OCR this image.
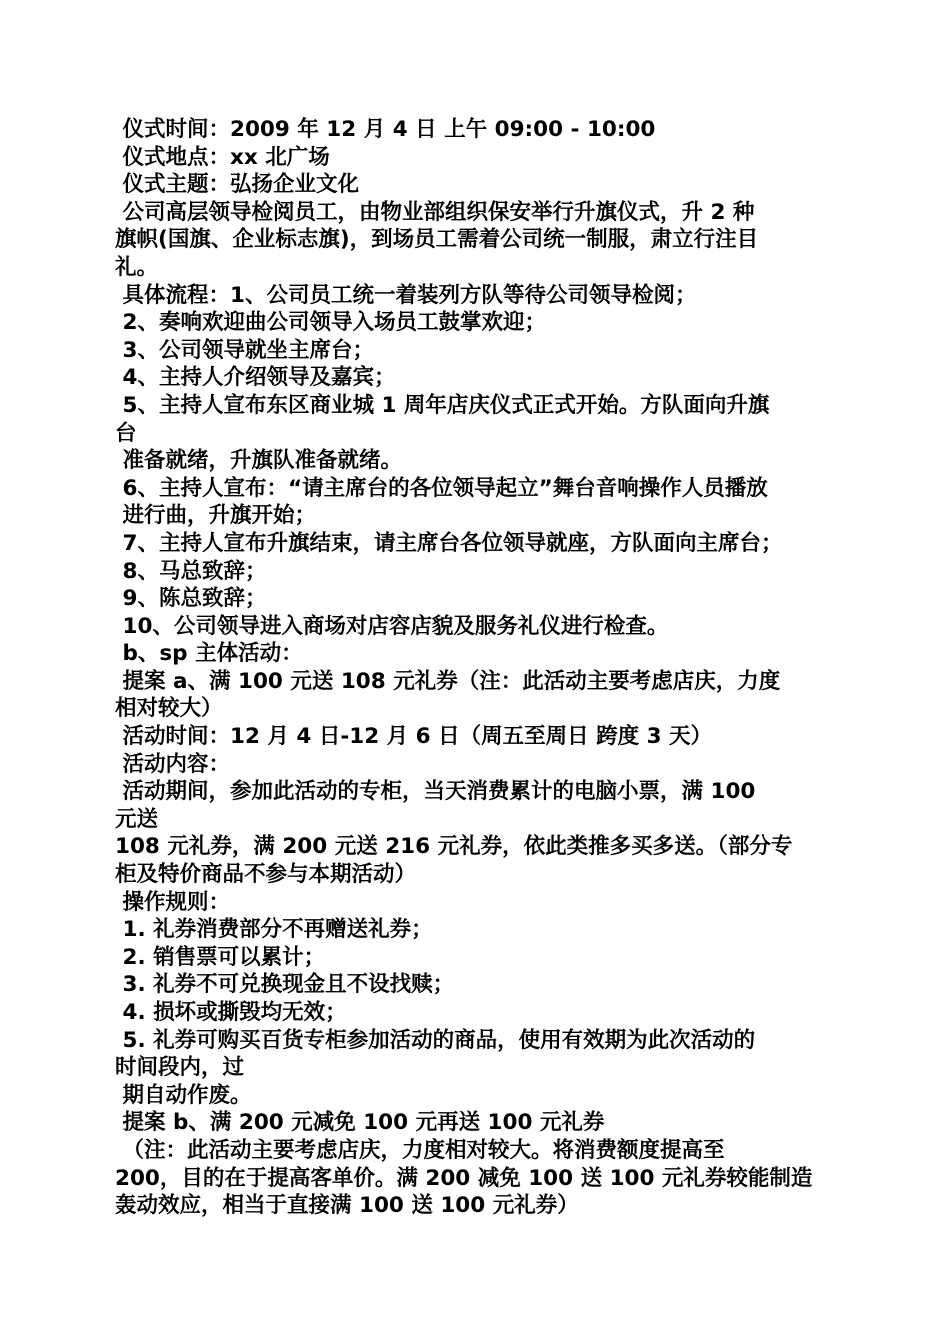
仪式时间：2009 年 12 月 4 日 上午 09:00 - 10:00

仪式地点：xx 北广场

仪式主题：弘扬企业文化

公司高层领导检阅员工，由物业部组织保安举行升旗仪式，升 2 种

旗帜(国旗、企业标志旗)，到场员工需着公司统一制服，肃立行注目

礼。

具体流程：1、公司员工统一着装列方队等待公司领导检阅；

2、奏响欢迎曲公司领导入场员工鼓掌欢迎；

3、公司领导就坐主席台；

4、主持人介绍领导及嘉宾；

5、主持人宣布东区商业城 1 周年店庆仪式正式开始。方队面向升旗

台

准备就绪，升旗队准备就绪。

6、主持人宣布：“请主席台的各位领导起立”舞台音响操作人员播放

进行曲，升旗开始；

7、主持人宣布升旗结束，请主席台各位领导就座，方队面向主席台；

8、马总致辞；

9、陈总致辞；

10、公司领导进入商场对店容店貌及服务礼仪进行检查。

b、sp 主体活动：

提案 a、满 100 元送 108 元礼券（注：此活动主要考虑店庆，力度

相对较大）

活动时间：12 月 4 日-12 月 6 日（周五至周日 跨度 3 天）

活动内容：

活动期间，参加此活动的专柜，当天消费累计的电脑小票，满 100

元送

108 元礼券，满 200 元送 216 元礼券，依此类推多买多送。（部分专

柜及特价商品不参与本期活动）

操作规则：

1. 礼券消费部分不再赠送礼券；

2. 销售票可以累计；

3. 礼券不可兑换现金且不设找赎；

4. 损坏或撕毁均无效；

5. 礼券可购买百货专柜参加活动的商品，使用有效期为此次活动的

时间段内，过

期自动作废。

提案 b、满 200 元减免 100 元再送 100 元礼券

（注：此活动主要考虑店庆，力度相对较大。将消费额度提高至

200，目的在于提高客单价。满 200 减免 100 送 100 元礼券较能制造

轰动效应，相当于直接满 100 送 100 元礼券）
